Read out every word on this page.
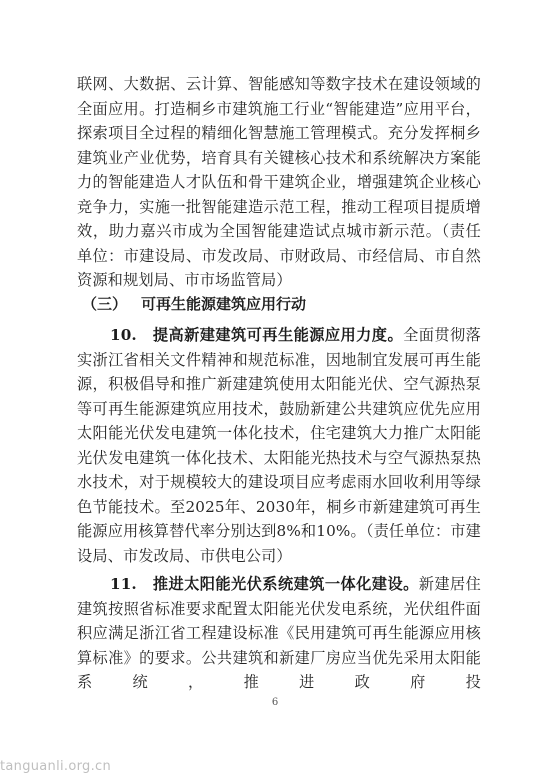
联网、大数据、云计算、智能感知等数字技术在建设领域的全面应用。打造桐乡市建筑施工行业“智能建造”应用平台，探索项目全过程的精细化智慧施工管理模式。充分发挥桐乡建筑业产业优势，培育具有关键核心技术和系统解决方案能力的智能建造人才队伍和骨干建筑企业，增强建筑企业核心竞争力，实施一批智能建造示范工程，推动工程项目提质增效，助力嘉兴市成为全国智能建造试点城市新示范。（责任单位：市建设局、市发改局、市财政局、市经信局、市自然资源和规划局、市市场监管局）
（三） 可再生能源建筑应用行动
10.　提高新建建筑可再生能源应用力度。全面贯彻落实浙江省相关文件精神和规范标准，因地制宜发展可再生能源，积极倡导和推广新建建筑使用太阳能光伏、空气源热泵等可再生能源建筑应用技术，鼓励新建公共建筑应优先应用太阳能光伏发电建筑一体化技术，住宅建筑大力推广太阳能光伏发电建筑一体化技术、太阳能光热技术与空气源热泵热水技术，对于规模较大的建设项目应考虑雨水回收利用等绿色节能技术。至2025年、2030年，桐乡市新建建筑可再生能源应用核算替代率分别达到8%和10%。（责任单位：市建设局、市发改局、市供电公司）
11.　推进太阳能光伏系统建筑一体化建设。新建居住建筑按照省标准要求配置太阳能光伏发电系统，光伏组件面积应满足浙江省工程建设标准《民用建筑可再生能源应用核算标准》的要求。公共建筑和新建厂房应当优先采用太阳能系统，推进政府投
6
tanguanli.org.cn
